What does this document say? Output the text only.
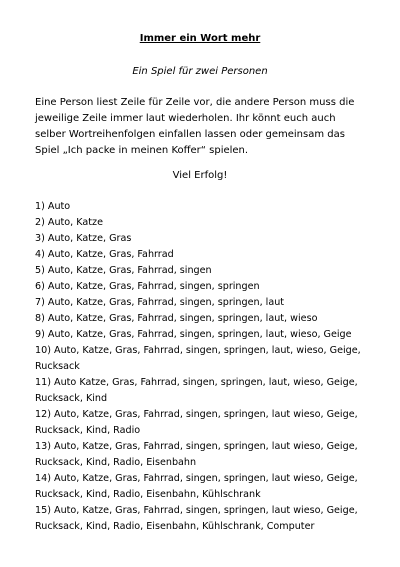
Immer ein Wort mehr
Ein Spiel für zwei Personen
Eine Person liest Zeile für Zeile vor, die andere Person muss die jeweilige Zeile immer laut wiederholen. Ihr könnt euch auch selber Wortreihenfolgen einfallen lassen oder gemeinsam das Spiel „Ich packe in meinen Koffer“ spielen.
Viel Erfolg!
1) Auto
2) Auto, Katze
3) Auto, Katze, Gras
4) Auto, Katze, Gras, Fahrrad
5) Auto, Katze, Gras, Fahrrad, singen
6) Auto, Katze, Gras, Fahrrad, singen, springen
7) Auto, Katze, Gras, Fahrrad, singen, springen, laut
8) Auto, Katze, Gras, Fahrrad, singen, springen, laut, wieso
9) Auto, Katze, Gras, Fahrrad, singen, springen, laut, wieso, Geige
10) Auto, Katze, Gras, Fahrrad, singen, springen, laut, wieso, Geige, Rucksack
11) Auto Katze, Gras, Fahrrad, singen, springen, laut, wieso, Geige, Rucksack, Kind
12) Auto, Katze, Gras, Fahrrad, singen, springen, laut wieso, Geige, Rucksack, Kind, Radio
13) Auto, Katze, Gras, Fahrrad, singen, springen, laut wieso, Geige, Rucksack, Kind, Radio, Eisenbahn
14) Auto, Katze, Gras, Fahrrad, singen, springen, laut wieso, Geige, Rucksack, Kind, Radio, Eisenbahn, Kühlschrank
15) Auto, Katze, Gras, Fahrrad, singen, springen, laut wieso, Geige, Rucksack, Kind, Radio, Eisenbahn, Kühlschrank, Computer
